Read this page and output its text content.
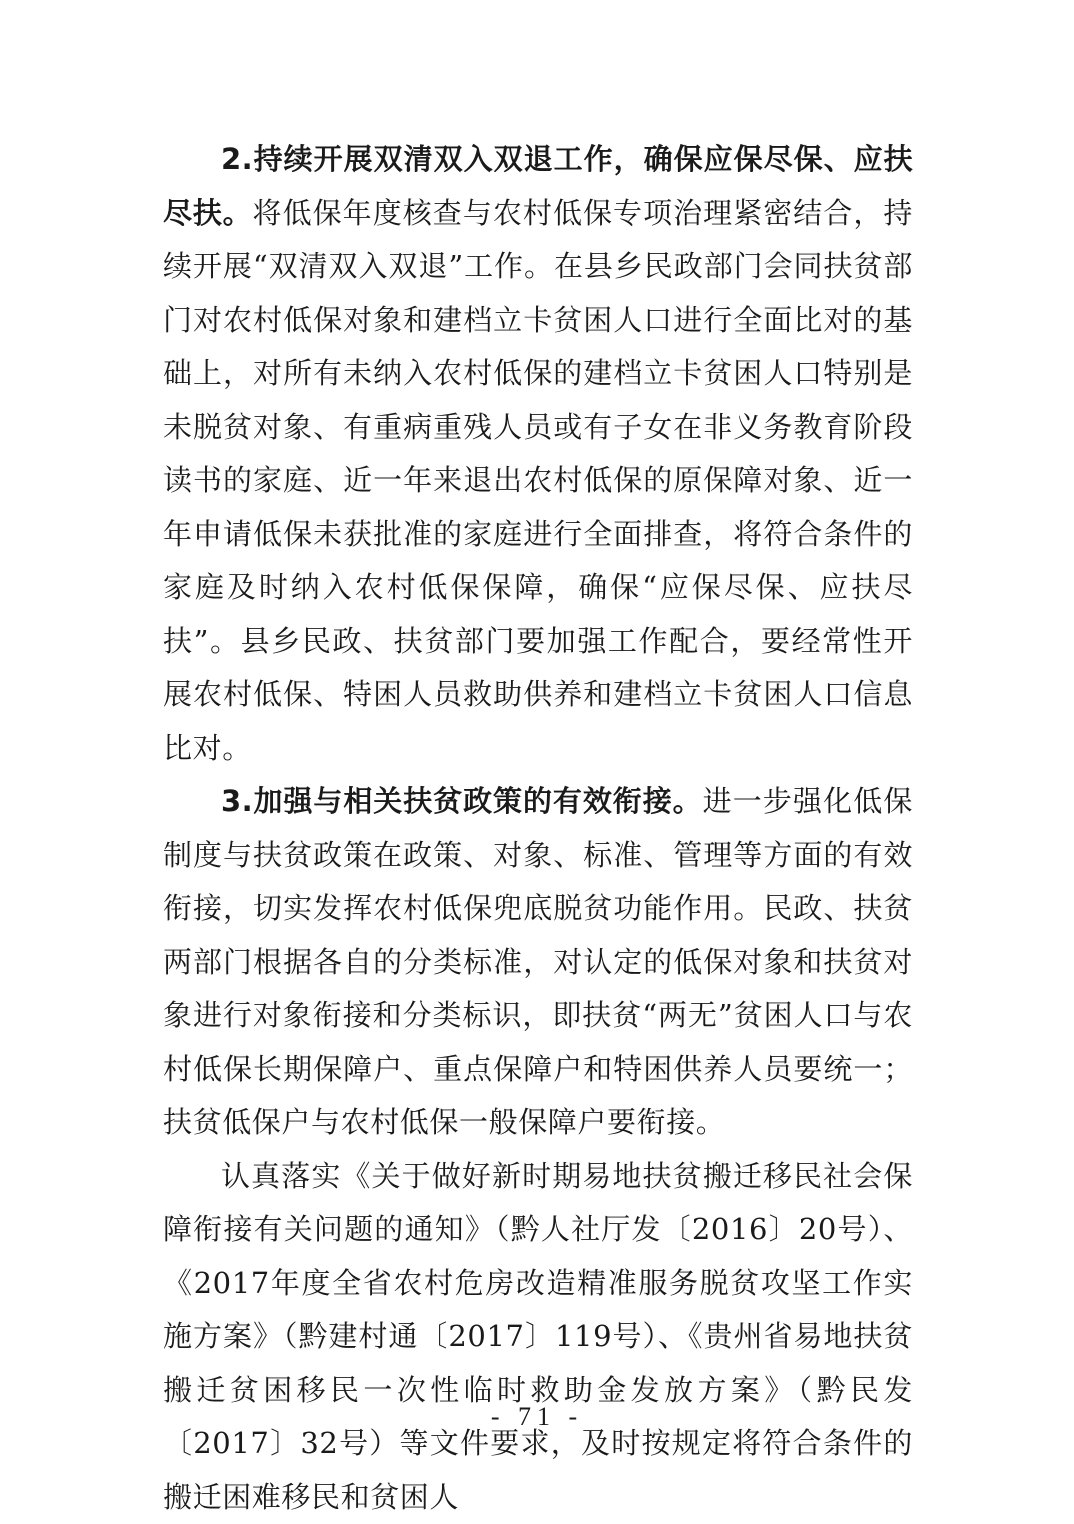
2.持续开展双清双入双退工作，确保应保尽保、应扶尽扶。将低保年度核查与农村低保专项治理紧密结合，持续开展“双清双入双退”工作。在县乡民政部门会同扶贫部门对农村低保对象和建档立卡贫困人口进行全面比对的基础上，对所有未纳入农村低保的建档立卡贫困人口特别是未脱贫对象、有重病重残人员或有子女在非义务教育阶段读书的家庭、近一年来退出农村低保的原保障对象、近一年申请低保未获批准的家庭进行全面排查，将符合条件的家庭及时纳入农村低保保障，确保“应保尽保、应扶尽扶”。县乡民政、扶贫部门要加强工作配合，要经常性开展农村低保、特困人员救助供养和建档立卡贫困人口信息比对。

3.加强与相关扶贫政策的有效衔接。进一步强化低保制度与扶贫政策在政策、对象、标准、管理等方面的有效衔接，切实发挥农村低保兜底脱贫功能作用。民政、扶贫两部门根据各自的分类标准，对认定的低保对象和扶贫对象进行对象衔接和分类标识，即扶贫“两无”贫困人口与农村低保长期保障户、重点保障户和特困供养人员要统一；扶贫低保户与农村低保一般保障户要衔接。

认真落实《关于做好新时期易地扶贫搬迁移民社会保障衔接有关问题的通知》（黔人社厅发〔2016〕20号）、《2017年度全省农村危房改造精准服务脱贫攻坚工作实施方案》（黔建村通〔2017〕119号）、《贵州省易地扶贫搬迁贫困移民一次性临时救助金发放方案》（黔民发〔2017〕32号）等文件要求，及时按规定将符合条件的搬迁困难移民和贫困人

- 71 -
